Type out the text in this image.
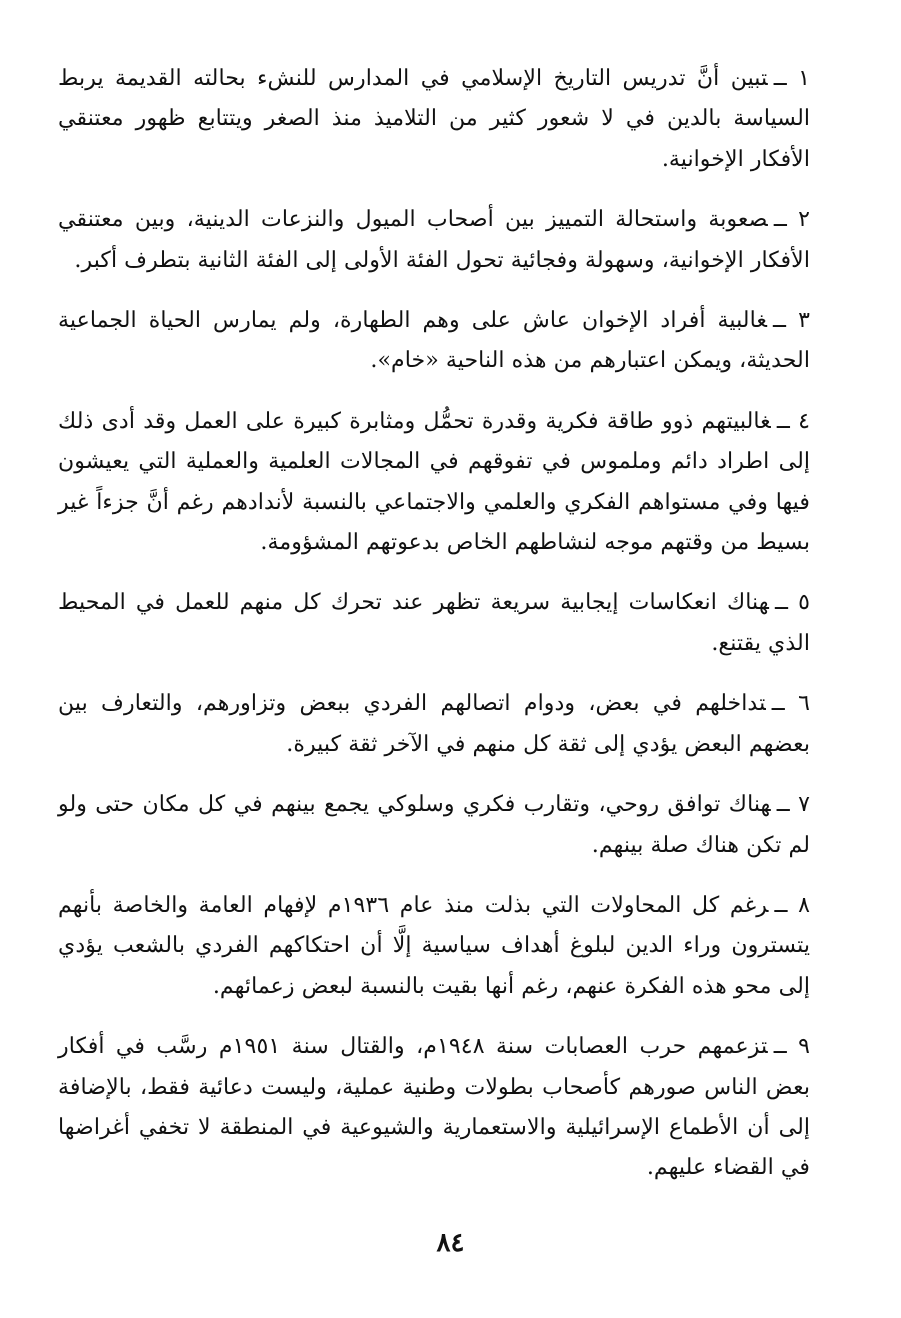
١ ــتبين أنَّ تدريس التاريخ الإسلامي في المدارس للنشء بحالته القديمة يربط السياسة بالدين في لا شعور كثير من التلاميذ منذ الصغر ويتتابع ظهور معتنقي الأفكار الإخوانية.

٢ ــصعوبة واستحالة التمييز بين أصحاب الميول والنزعات الدينية، وبين معتنقي الأفكار الإخوانية، وسهولة وفجائية تحول الفئة الأولى إلى الفئة الثانية بتطرف أكبر.

٣ ــغالبية أفراد الإخوان عاش على وهم الطهارة، ولم يمارس الحياة الجماعية الحديثة، ويمكن اعتبارهم من هذه الناحية «خام».

٤ ــغالبيتهم ذوو طاقة فكرية وقدرة تحمُّل ومثابرة كبيرة على العمل وقد أدى ذلك إلى اطراد دائم وملموس في تفوقهم في المجالات العلمية والعملية التي يعيشون فيها وفي مستواهم الفكري والعلمي والاجتماعي بالنسبة لأندادهم رغم أنَّ جزءاً غير بسيط من وقتهم موجه لنشاطهم الخاص بدعوتهم المشؤومة.

٥ ــهناك انعكاسات إيجابية سريعة تظهر عند تحرك كل منهم للعمل في المحيط الذي يقتنع.

٦ ــتداخلهم في بعض، ودوام اتصالهم الفردي ببعض وتزاورهم، والتعارف بين بعضهم البعض يؤدي إلى ثقة كل منهم في الآخر ثقة كبيرة.

٧ ــهناك توافق روحي، وتقارب فكري وسلوكي يجمع بينهم في كل مكان حتى ولو لم تكن هناك صلة بينهم.

٨ ــرغم كل المحاولات التي بذلت منذ عام ١٩٣٦م لإفهام العامة والخاصة بأنهم يتسترون وراء الدين لبلوغ أهداف سياسية إلَّا أن احتكاكهم الفردي بالشعب يؤدي إلى محو هذه الفكرة عنهم، رغم أنها بقيت بالنسبة لبعض زعمائهم.

٩ ــتزعمهم حرب العصابات سنة ١٩٤٨م، والقتال سنة ١٩٥١م رسَّب في أفكار بعض الناس صورهم كأصحاب بطولات وطنية عملية، وليست دعائية فقط، بالإضافة إلى أن الأطماع الإسرائيلية والاستعمارية والشيوعية في المنطقة لا تخفي أغراضها في القضاء عليهم.

٨٤
